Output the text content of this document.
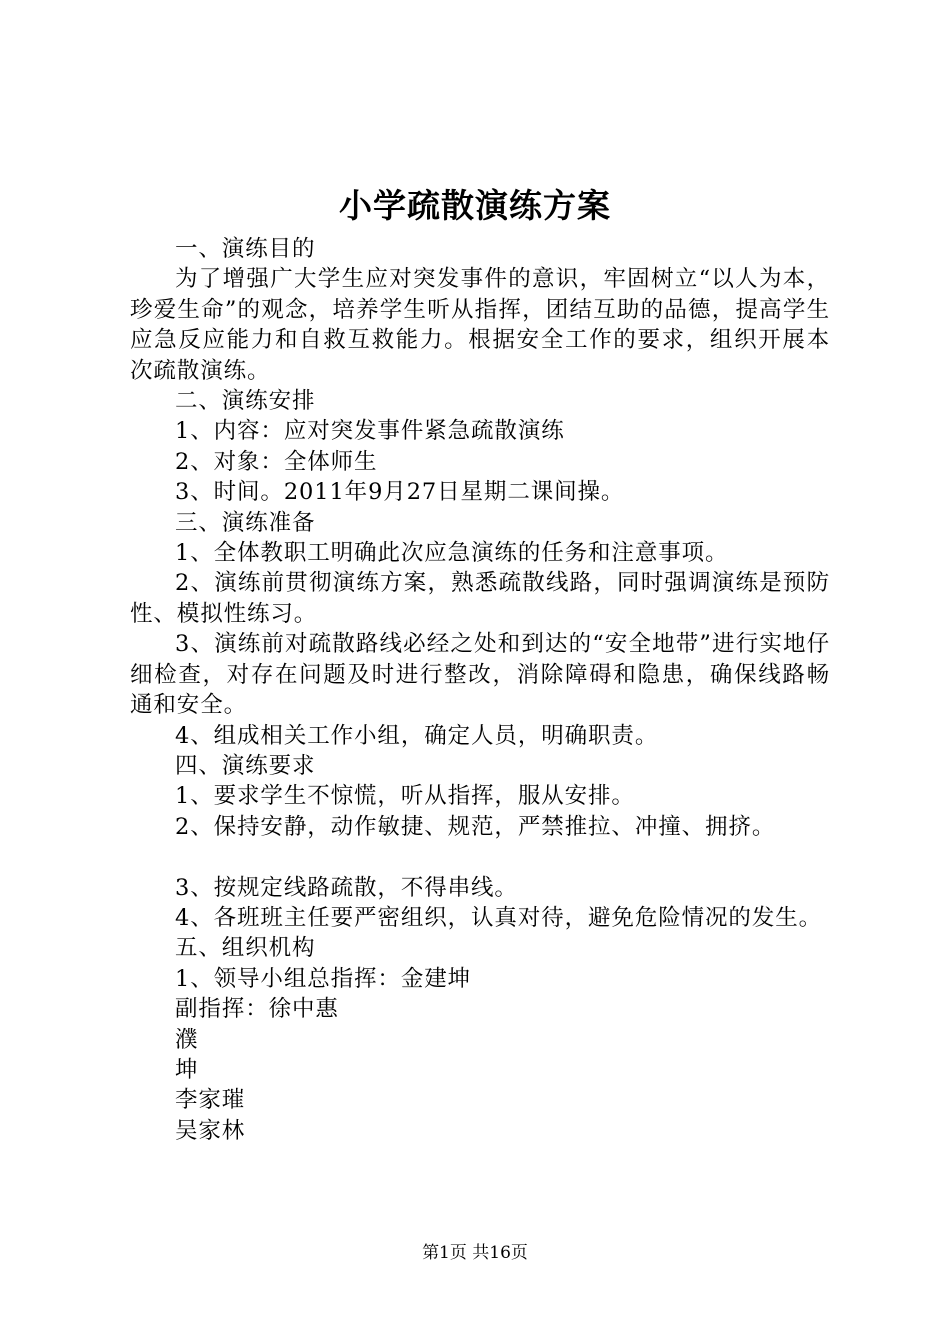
小学疏散演练方案

一、演练目的

为了增强广大学生应对突发事件的意识，牢固树立“以人为本，珍爱生命”的观念，培养学生听从指挥，团结互助的品德，提高学生应急反应能力和自救互救能力。根据安全工作的要求，组织开展本次疏散演练。

二、演练安排

1、内容：应对突发事件紧急疏散演练

2、对象：全体师生

3、时间。2011年9月27日星期二课间操。

三、演练准备

1、全体教职工明确此次应急演练的任务和注意事项。

2、演练前贯彻演练方案，熟悉疏散线路，同时强调演练是预防性、模拟性练习。

3、演练前对疏散路线必经之处和到达的“安全地带”进行实地仔细检查，对存在问题及时进行整改，消除障碍和隐患，确保线路畅通和安全。

4、组成相关工作小组，确定人员，明确职责。

四、演练要求

1、要求学生不惊慌，听从指挥，服从安排。

2、保持安静，动作敏捷、规范，严禁推拉、冲撞、拥挤。

3、按规定线路疏散，不得串线。

4、各班班主任要严密组织，认真对待，避免危险情况的发生。

五、组织机构

1、领导小组总指挥：金建坤

副指挥：徐中惠

濮

坤

李家璀

吴家林

第1页 共16页
